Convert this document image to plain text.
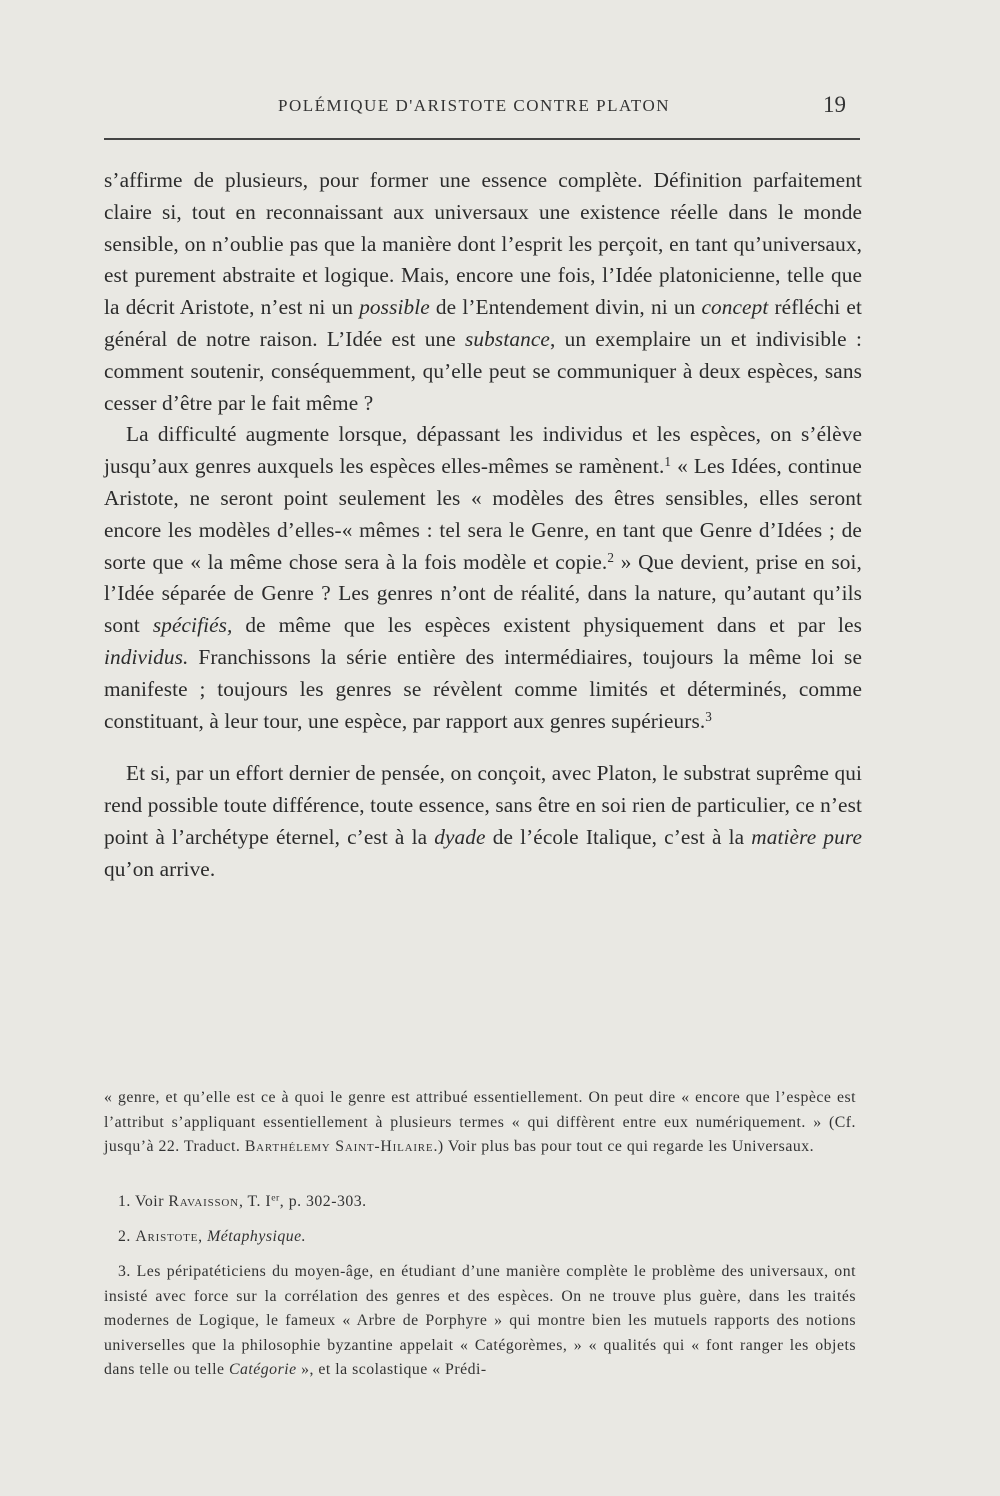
POLÉMIQUE D'ARISTOTE CONTRE PLATON	19

s’affirme de plusieurs, pour former une essence complète. Définition parfaitement claire si, tout en reconnaissant aux universaux une existence réelle dans le monde sensible, on n’oublie pas que la manière dont l’esprit les perçoit, en tant qu’universaux, est purement abstraite et logique. Mais, encore une fois, l’Idée platonicienne, telle que la décrit Aristote, n’est ni un possible de l’Entendement divin, ni un concept réfléchi et général de notre raison. L’Idée est une substance, un exemplaire un et indivisible : comment soutenir, conséquemment, qu’elle peut se communiquer à deux espèces, sans cesser d’être par le fait même ?

La difficulté augmente lorsque, dépassant les individus et les espèces, on s’élève jusqu’aux genres auxquels les espèces elles-mêmes se ramènent.$^1$ « Les Idées, continue Aristote, ne seront point seulement les « modèles des êtres sensibles, elles seront encore les modèles d’elles-« mêmes : tel sera le Genre, en tant que Genre d’Idées ; de sorte que « la même chose sera à la fois modèle et copie.$^2$ » Que devient, prise en soi, l’Idée séparée de Genre ? Les genres n’ont de réalité, dans la nature, qu’autant qu’ils sont spécifiés, de même que les espèces existent physiquement dans et par les individus. Franchissons la série entière des intermédiaires, toujours la même loi se manifeste ; toujours les genres se révèlent comme limités et déterminés, comme constituant, à leur tour, une espèce, par rapport aux genres supérieurs.$^3$

Et si, par un effort dernier de pensée, on conçoit, avec Platon, le substrat suprême qui rend possible toute différence, toute essence, sans être en soi rien de particulier, ce n’est point à l’archétype éternel, c’est à la dyade de l’école Italique, c’est à la matière pure qu’on arrive.

« genre, et qu’elle est ce à quoi le genre est attribué essentiellement. On peut dire « encore que l’espèce est l’attribut s’appliquant essentiellement à plusieurs termes « qui diffèrent entre eux numériquement. » (Cf. jusqu’à 22. Traduct. Barthélemy Saint-Hilaire.) Voir plus bas pour tout ce qui regarde les Universaux.

1. Voir Ravaisson, T. Ier, p. 302-303.

2. Aristote, Métaphysique.

3. Les péripatéticiens du moyen-âge, en étudiant d’une manière complète le problème des universaux, ont insisté avec force sur la corrélation des genres et des espèces. On ne trouve plus guère, dans les traités modernes de Logique, le fameux « Arbre de Porphyre » qui montre bien les mutuels rapports des notions universelles que la philosophie byzantine appelait « Catégorèmes, » « qualités qui « font ranger les objets dans telle ou telle Catégorie », et la scolastique « Prédi-
